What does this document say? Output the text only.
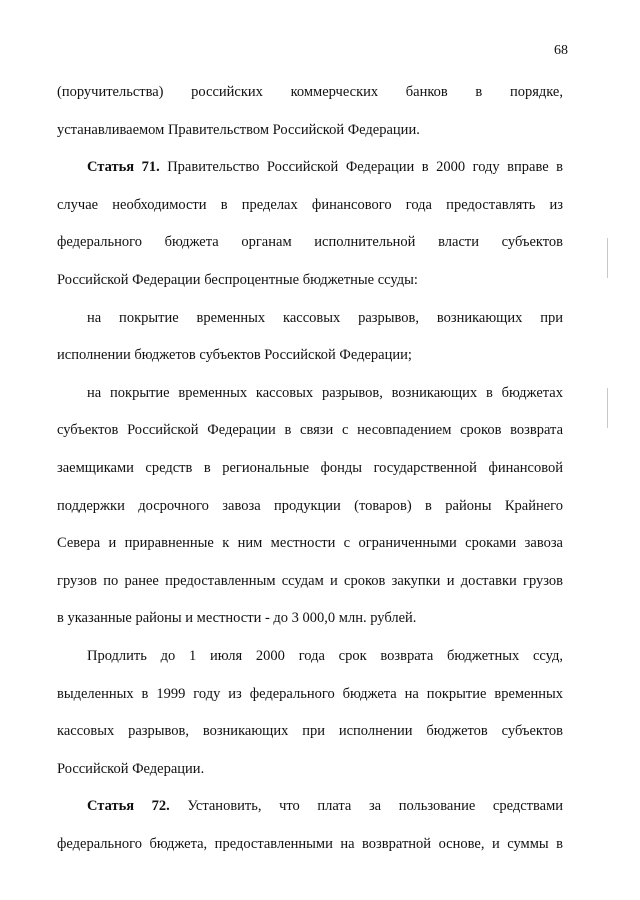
68
(поручительства) российских коммерческих банков в порядке,
устанавливаемом Правительством Российской Федерации.
Статья 71. Правительство Российской Федерации в 2000 году вправе в
случае необходимости в пределах финансового года предоставлять из
федерального бюджета органам исполнительной власти субъектов
Российской Федерации беспроцентные бюджетные ссуды:
на покрытие временных кассовых разрывов, возникающих при
исполнении бюджетов субъектов Российской Федерации;
на покрытие временных кассовых разрывов, возникающих в бюджетах
субъектов Российской Федерации в связи с несовпадением сроков возврата
заемщиками средств в региональные фонды государственной финансовой
поддержки досрочного завоза продукции (товаров) в районы Крайнего
Севера и приравненные к ним местности с ограниченными сроками завоза
грузов по ранее предоставленным ссудам и сроков закупки и доставки грузов
в указанные районы и местности - до 3 000,0 млн. рублей.
Продлить до 1 июля 2000 года срок возврата бюджетных ссуд,
выделенных в 1999 году из федерального бюджета на покрытие временных
кассовых разрывов, возникающих при исполнении бюджетов субъектов
Российской Федерации.
Статья 72. Установить, что плата за пользование средствами
федерального бюджета, предоставленными на возвратной основе, и суммы в
